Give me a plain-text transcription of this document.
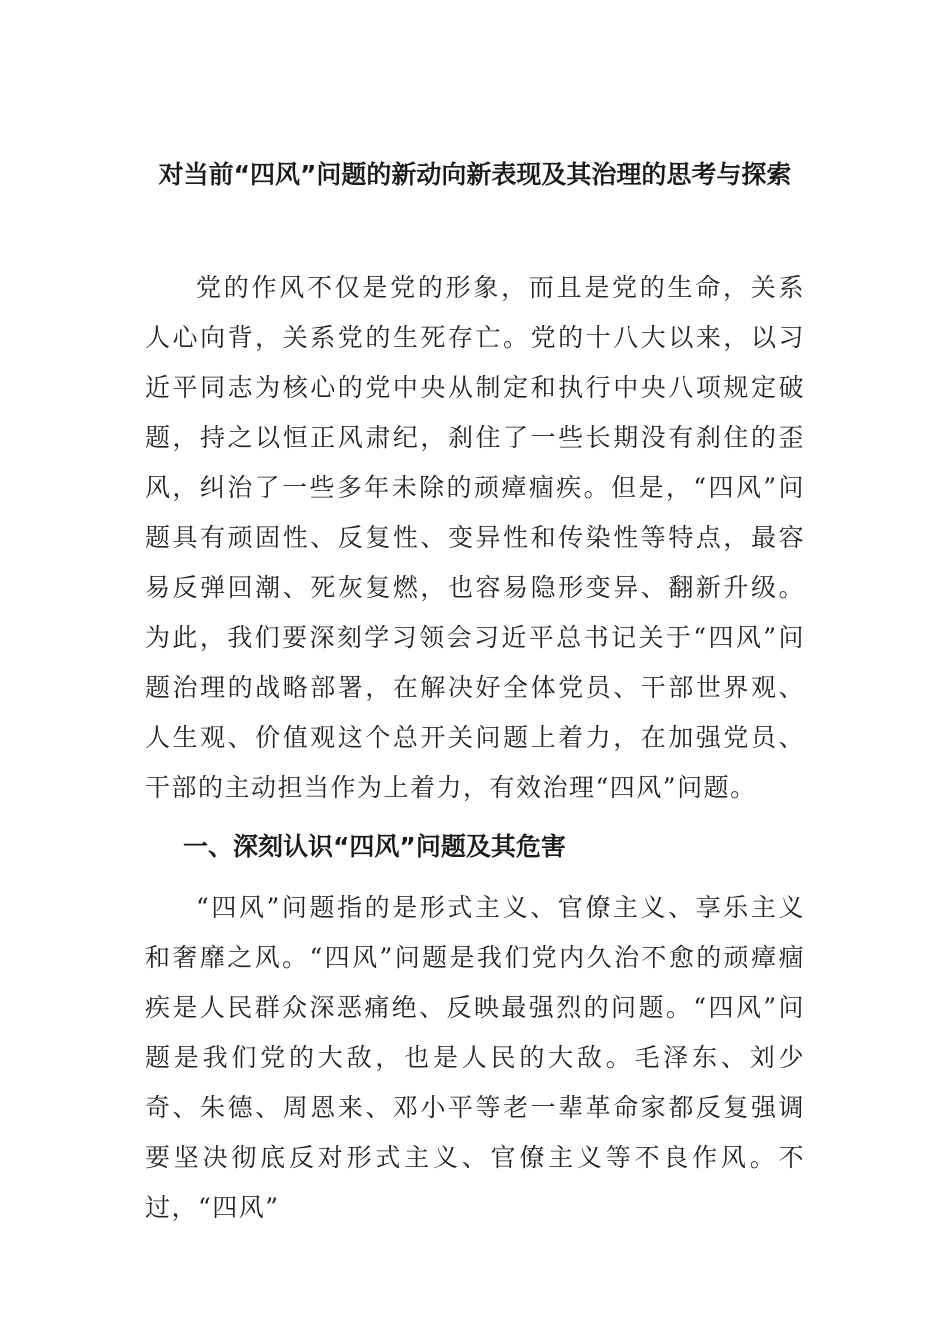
对当前“四风”问题的新动向新表现及其治理的思考与探索

党的作风不仅是党的形象，而且是党的生命，关系人心向背，关系党的生死存亡。党的十八大以来，以习近平同志为核心的党中央从制定和执行中央八项规定破题，持之以恒正风肃纪，刹住了一些长期没有刹住的歪风，纠治了一些多年未除的顽瘴痼疾。但是，“四风”问题具有顽固性、反复性、变异性和传染性等特点，最容易反弹回潮、死灰复燃，也容易隐形变异、翻新升级。为此，我们要深刻学习领会习近平总书记关于“四风”问题治理的战略部署，在解决好全体党员、干部世界观、人生观、价值观这个总开关问题上着力，在加强党员、干部的主动担当作为上着力，有效治理“四风”问题。

一、深刻认识“四风”问题及其危害

“四风”问题指的是形式主义、官僚主义、享乐主义和奢靡之风。“四风”问题是我们党内久治不愈的顽瘴痼疾是人民群众深恶痛绝、反映最强烈的问题。“四风”问题是我们党的大敌，也是人民的大敌。毛泽东、刘少奇、朱德、周恩来、邓小平等老一辈革命家都反复强调要坚决彻底反对形式主义、官僚主义等不良作风。不过，“四风”
